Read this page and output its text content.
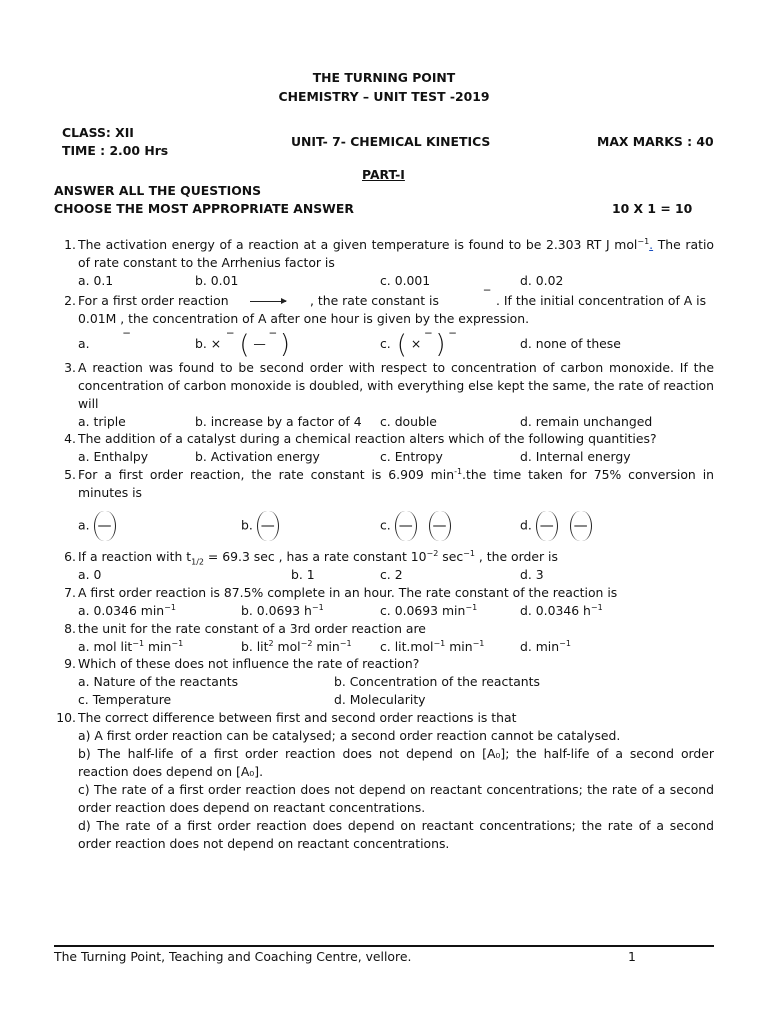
THE TURNING POINT
CHEMISTRY – UNIT TEST -2019
CLASS: XII
TIME : 2.00 Hrs
UNIT- 7- CHEMICAL KINETICS	MAX MARKS : 40
PART-I
ANSWER ALL THE QUESTIONS
CHOOSE THE MOST APPROPRIATE ANSWER	10 X 1 = 10
1. The activation energy of a reaction at a given temperature is found to be 2.303 RT J mol$^{-1}$. The ratio of rate constant to the Arrhenius factor is
a. 0.1	b. 0.01	c. 0.001	d. 0.02
2. For a first order reaction	, the rate constant is	‾ . If the initial concentration of A is
0.01M , the concentration of A after one hour is given by the expression.
a.	‾	b. × ‾ ( — ‾ )	c. ( × ‾ ) ‾	d. none of these
3. A reaction was found to be second order with respect to concentration of carbon monoxide. If the concentration of carbon monoxide is doubled, with everything else kept the same, the rate of reaction will
a. triple	b. increase by a factor of 4 c. double	d. remain unchanged
4. The addition of a catalyst during a chemical reaction alters which of the following quantities?
a. Enthalpy	b. Activation energy	c. Entropy	d. Internal energy
5. For a first order reaction, the rate constant is 6.909 $\min^{-1}.the$ time taken for 75% conversion in minutes is
a. —	b. —	c. — —	d. — —
6. If a reaction with $t_{1/2} = 69.3$ sec , has a rate constant $10^{-2}$ $\sec^{-1}$ , the order is
a. 0	b. 1	c. 2	d. 3
7. A first order reaction is 87.5% complete in an hour. The rate constant of the reaction is
a. 0.0346 $\min^{-1}$	b. 0.0693 $h^{-1}$	c. 0.0693 $\min^{-1}$	d. 0.0346 $h^{-1}$
8. the unit for the rate constant of a 3rd order reaction are
a. mol lit$^{-1}$ $\min^{-1}$	b. lit$^2$ mol$^{-2}$ $\min^{-1} c$. lit.mol$^{-1}$ $\min^{-1}$	d. $\min^{-1}$
9. Which of these does not influence the rate of reaction?
a. Nature of the reactants	b. Concentration of the reactants
c. Temperature	d. Molecularity
10. The correct difference between first and second order reactions is that
a) A first order reaction can be catalysed; a second order reaction cannot be catalysed.
b) The half-life of a first order reaction does not depend on [A₀]; the half-life of a second order reaction does depend on [A₀].
c) The rate of a first order reaction does not depend on reactant concentrations; the rate of a second order reaction does depend on reactant concentrations.
d) The rate of a first order reaction does depend on reactant concentrations; the rate of a second order reaction does not depend on reactant concentrations.
The Turning Point, Teaching and Coaching Centre, vellore.	1
